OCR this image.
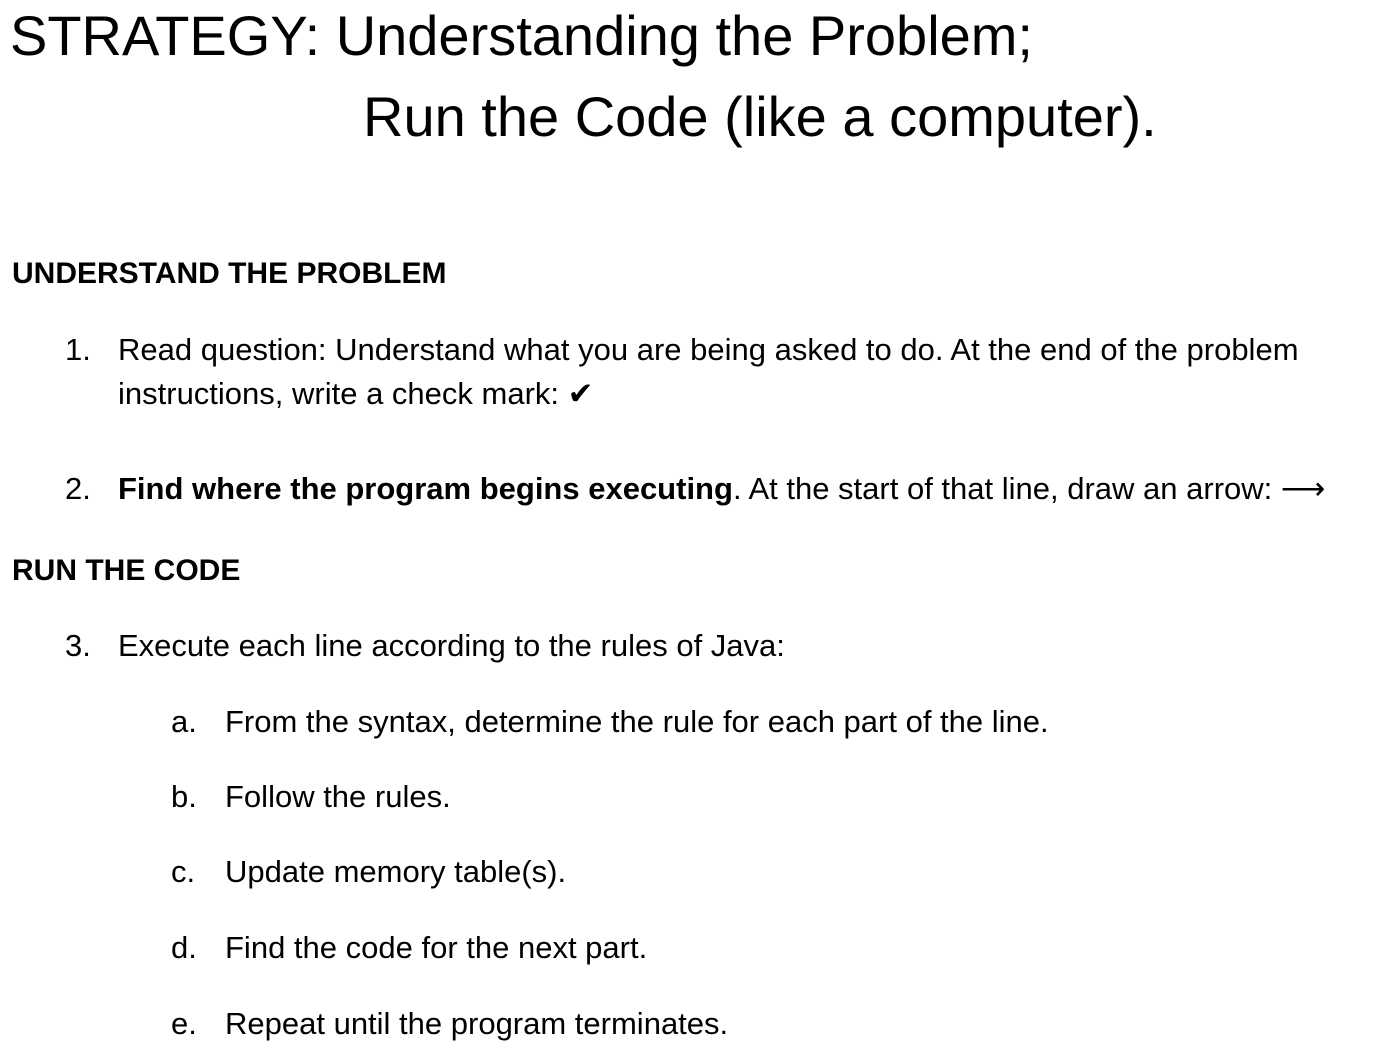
STRATEGY: Understanding the Problem;
Run the Code (like a computer).
UNDERSTAND THE PROBLEM
1. Read question: Understand what you are being asked to do. At the end of the problem
instructions, write a check mark: ✔
2. Find where the program begins executing. At the start of that line, draw an arrow: ⟶
RUN THE CODE
3. Execute each line according to the rules of Java:
a. From the syntax, determine the rule for each part of the line.
b. Follow the rules.
c. Update memory table(s).
d. Find the code for the next part.
e. Repeat until the program terminates.
